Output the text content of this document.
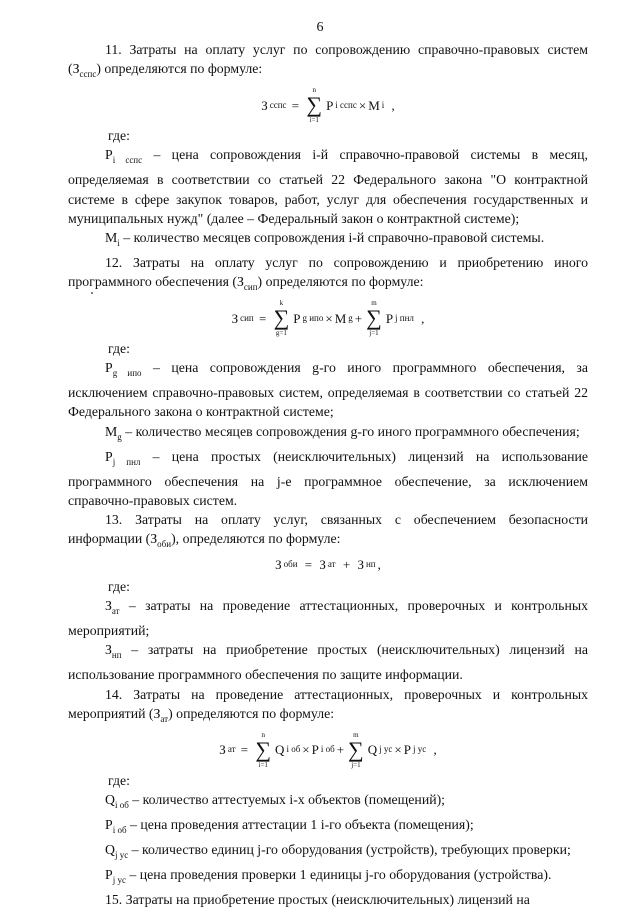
6

11. Затраты на оплату услуг по сопровождению справочно-правовых систем $(З_{сспс})$ определяются по формуле:

З сспс =
n
∑
i=1
P i сспс × M i
,

где:

$P_{i сспс}$ – цена сопровождения i-й справочно-правовой системы в месяц, определяемая в соответствии со статьей 22 Федерального закона "О контрактной системе в сфере закупок товаров, работ, услуг для обеспечения государственных и муниципальных нужд" (далее – Федеральный закон о контрактной системе);

$M_i$ – количество месяцев сопровождения i-й справочно-правовой системы.

12. Затраты на оплату услуг по сопровождению и приобретению иного программного обеспечения $(З_{сип})$ определяются по формуле:

З сип =
k
∑
g=1
P g ипо × M g +
m
∑
j=1
P j пнл
,

где:

$P_{g ипо}$ – цена сопровождения g-го иного программного обеспечения, за исключением справочно-правовых систем, определяемая в соответствии со статьей 22 Федерального закона о контрактной системе;

$M_g$ – количество месяцев сопровождения g-го иного программного обеспечения;

$P_{j пнл}$ – цена простых (неисключительных) лицензий на использование программного обеспечения на j-е программное обеспечение, за исключением справочно-правовых систем.

13. Затраты на оплату услуг, связанных с обеспечением безопасности информации $(З_{оби})$, определяются по формуле:

З оби
=
З ат
+
З нп ,

где:

$З_{ат}$ – затраты на проведение аттестационных, проверочных и контрольных мероприятий;

$З_{нп}$ – затраты на приобретение простых (неисключительных) лицензий на использование программного обеспечения по защите информации.

14. Затраты на проведение аттестационных, проверочных и контрольных мероприятий $(З_{ат})$ определяются по формуле:

З ат =
n
∑
i=1
Q i об × P i об +
m
∑
j=1
Q j ус × P j ус
,

где:

$Q_{i об}$ – количество аттестуемых i-х объектов (помещений);

$P_{i об}$ – цена проведения аттестации 1 i-го объекта (помещения);

$Q_{j ус}$ – количество единиц j-го оборудования (устройств), требующих проверки;

$P_{j ус}$ – цена проведения проверки 1 единицы j-го оборудования (устройства).

15. Затраты на приобретение простых (неисключительных) лицензий на
